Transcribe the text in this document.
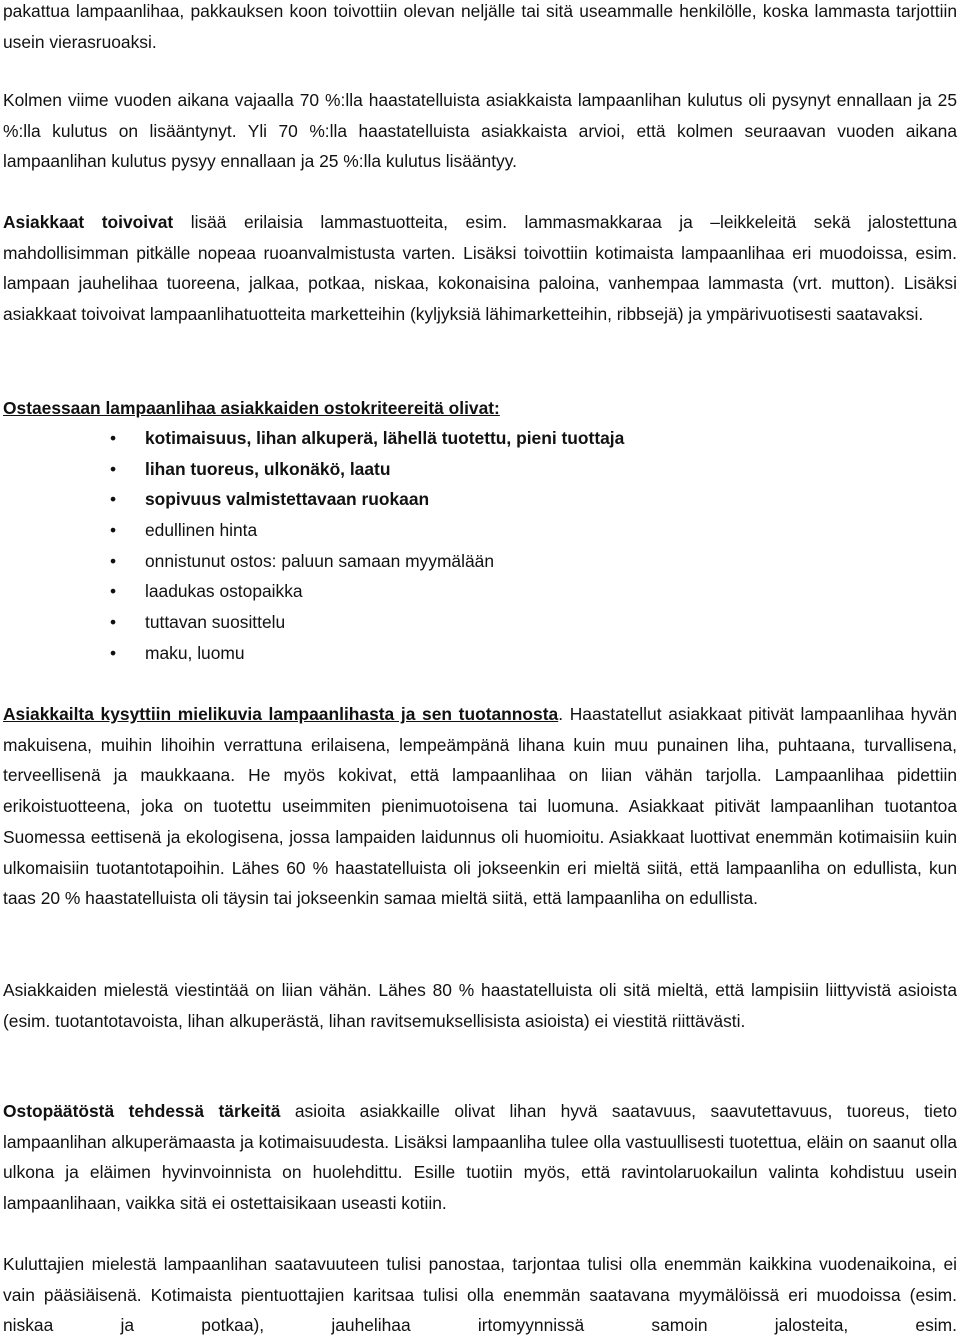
pakattua lampaanlihaa, pakkauksen koon toivottiin olevan neljälle tai sitä useammalle henkilölle, koska lammasta tarjottiin usein vierasruoaksi.

Kolmen viime vuoden aikana vajaalla 70 %:lla haastatelluista asiakkaista lampaanlihan kulutus oli pysynyt ennallaan ja 25 %:lla kulutus on lisääntynyt. Yli 70 %:lla haastatelluista asiakkaista arvioi, että kolmen seuraavan vuoden aikana lampaanlihan kulutus pysyy ennallaan ja 25 %:lla kulutus lisääntyy.

Asiakkaat toivoivat lisää erilaisia lammastuotteita, esim. lammasmakkaraa ja –leikkeleitä sekä jalostettuna mahdollisimman pitkälle nopeaa ruoanvalmistusta varten. Lisäksi toivottiin kotimaista lampaanlihaa eri muodoissa, esim. lampaan jauhelihaa tuoreena, jalkaa, potkaa, niskaa, kokonaisina paloina, vanhempaa lammasta (vrt. mutton). Lisäksi asiakkaat toivoivat lampaanlihatuotteita marketteihin (kyljyksiä lähimarketteihin, ribbsejä) ja ympärivuotisesti saatavaksi.

Ostaessaan lampaanlihaa asiakkaiden ostokriteereitä olivat:

• kotimaisuus, lihan alkuperä, lähellä tuotettu, pieni tuottaja
• lihan tuoreus, ulkonäkö, laatu
• sopivuus valmistettavaan ruokaan
• edullinen hinta
• onnistunut ostos: paluun samaan myymälään
• laadukas ostopaikka
• tuttavan suosittelu
• maku, luomu

Asiakkailta kysyttiin mielikuvia lampaanlihasta ja sen tuotannosta. Haastatellut asiakkaat pitivät lampaanlihaa hyvän makuisena, muihin lihoihin verrattuna erilaisena, lempeämpänä lihana kuin muu punainen liha, puhtaana, turvallisena, terveellisenä ja maukkaana. He myös kokivat, että lampaanlihaa on liian vähän tarjolla. Lampaanlihaa pidettiin erikoistuotteena, joka on tuotettu useimmiten pienimuotoisena tai luomuna. Asiakkaat pitivät lampaanlihan tuotantoa Suomessa eettisenä ja ekologisena, jossa lampaiden laidunnus oli huomioitu. Asiakkaat luottivat enemmän kotimaisiin kuin ulkomaisiin tuotantotapoihin. Lähes 60 % haastatelluista oli jokseenkin eri mieltä siitä, että lampaanliha on edullista, kun taas 20 % haastatelluista oli täysin tai jokseenkin samaa mieltä siitä, että lampaanliha on edullista.

Asiakkaiden mielestä viestintää on liian vähän. Lähes 80 % haastatelluista oli sitä mieltä, että lampisiin liittyvistä asioista (esim. tuotantotavoista, lihan alkuperästä, lihan ravitsemuksellisista asioista) ei viestitä riittävästi.

Ostopäätöstä tehdessä tärkeitä asioita asiakkaille olivat lihan hyvä saatavuus, saavutettavuus, tuoreus, tieto lampaanlihan alkuperämaasta ja kotimaisuudesta. Lisäksi lampaanliha tulee olla vastuullisesti tuotettua, eläin on saanut olla ulkona ja eläimen hyvinvoinnista on huolehdittu. Esille tuotiin myös, että ravintolaruokailun valinta kohdistuu usein lampaanlihaan, vaikka sitä ei ostettaisikaan useasti kotiin.

Kuluttajien mielestä lampaanlihan saatavuuteen tulisi panostaa, tarjontaa tulisi olla enemmän kaikkina vuodenaikoina, ei vain pääsiäisenä. Kotimaista pientuottajien karitsaa tulisi olla enemmän saatavana myymälöissä eri muodoissa (esim. niskaa ja potkaa), jauhelihaa irtomyynnissä samoin jalosteita, esim.
